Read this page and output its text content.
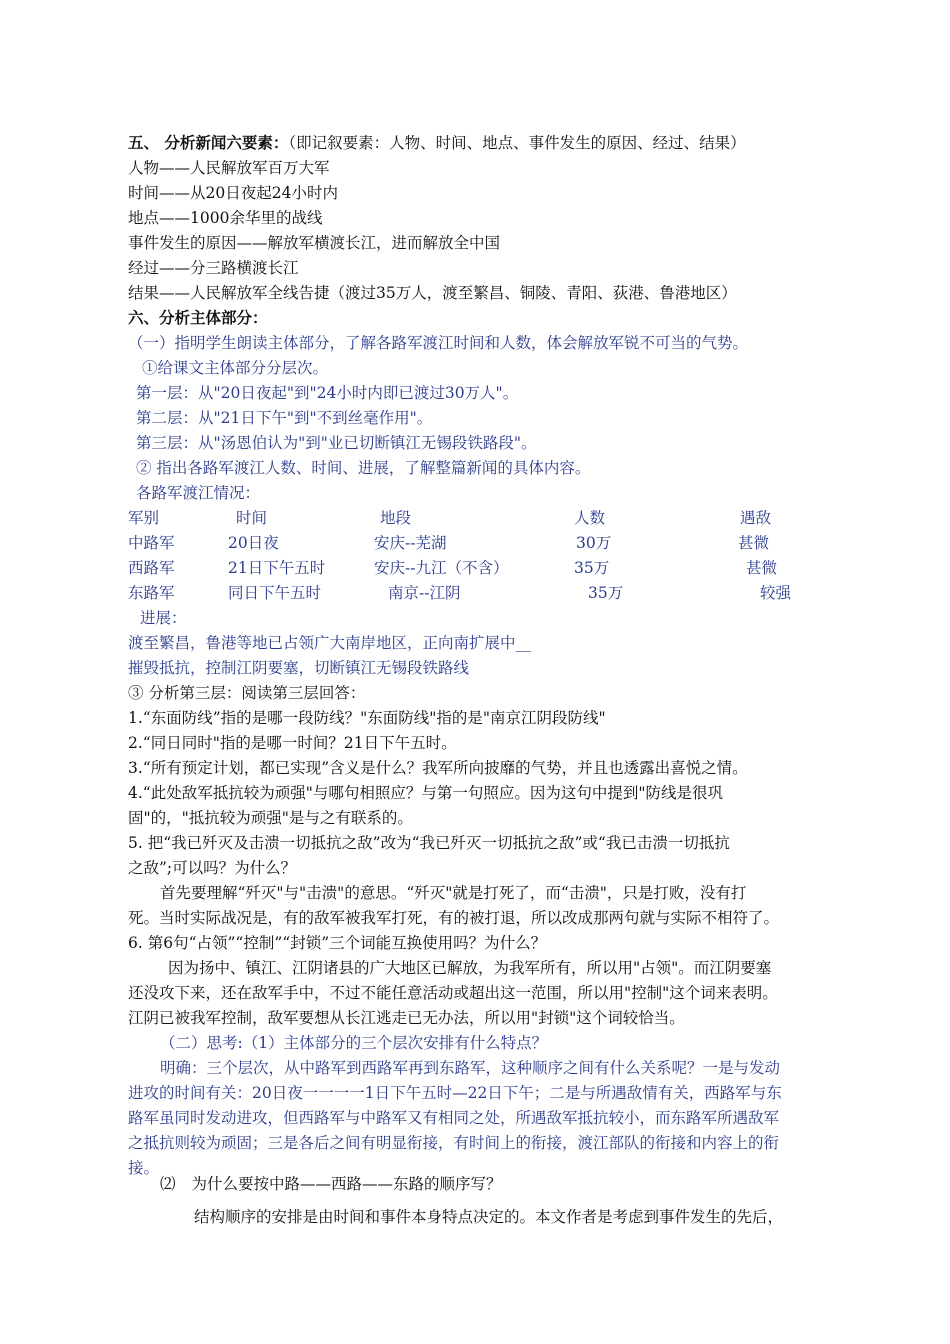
五、 分析新闻六要素：（即记叙要素：人物、时间、地点、事件发生的原因、经过、结果）
人物——人民解放军百万大军
时间——从20日夜起24小时内
地点——1000余华里的战线
事件发生的原因——解放军横渡长江，进而解放全中国
经过——分三路横渡长江
结果——人民解放军全线告捷（渡过35万人，渡至繁昌、铜陵、青阳、荻港、鲁港地区）
六、分析主体部分：
（一）指明学生朗读主体部分，了解各路军渡江时间和人数，体会解放军锐不可当的气势。
①给课文主体部分分层次。
第一层：从"20日夜起"到"24小时内即已渡过30万人"。
第二层：从"21日下午"到"不到丝毫作用"。
第三层：从"汤恩伯认为"到"业已切断镇江无锡段铁路段"。
② 指出各路军渡江人数、时间、进展，了解整篇新闻的具体内容。
各路军渡江情况：
军别	时间	地段	人数	遇敌
中路军	20日夜	安庆--芜湖	30万	甚微
西路军	21日下午五时	安庆--九江（不含）	35万	甚微
东路军	同日下午五时	南京--江阴	35万	较强
进展：
渡至繁昌，鲁港等地已占领广大南岸地区，正向南扩展中__
摧毁抵抗，控制江阴要塞，切断镇江无锡段铁路线
③ 分析第三层：阅读第三层回答：
1.“东面防线”指的是哪一段防线？"东面防线"指的是"南京江阴段防线"
2.“同日同时"指的是哪一时间？21日下午五时。
3.“所有预定计划，都已实现”含义是什么？我军所向披靡的气势，并且也透露出喜悦之情。
4.“此处敌军抵抗较为顽强"与哪句相照应？与第一句照应。因为这句中提到"防线是很巩
固"的，"抵抗较为顽强"是与之有联系的。
5. 把“我已歼灭及击溃一切抵抗之敌”改为“我已歼灭一切抵抗之敌”或“我已击溃一切抵抗
之敌”;可以吗？为什么？
首先要理解“歼灭"与"击溃"的意思。“歼灭"就是打死了，而“击溃"，只是打败，没有打
死。当时实际战况是，有的敌军被我军打死，有的被打退，所以改成那两句就与实际不相符了。
6. 第6句“占领”“控制”“封锁”三个词能互换使用吗？为什么？
因为扬中、镇江、江阴诸县的广大地区已解放，为我军所有，所以用"占领"。而江阴要塞
还没攻下来，还在敌军手中，不过不能任意活动或超出这一范围，所以用"控制"这个词来表明。
江阴已被我军控制，敌军要想从长江逃走已无办法，所以用"封锁"这个词较恰当。
（二）思考:（1）主体部分的三个层次安排有什么特点？
明确：三个层次，从中路军到西路军再到东路军，这种顺序之间有什么关系呢？一是与发动
进攻的时间有关：20日夜一一一一1日下午五时—22日下午；二是与所遇敌情有关，西路军与东
路军虽同时发动进攻，但西路军与中路军又有相同之处，所遇敌军抵抗较小，而东路军所遇敌军
之抵抗则较为顽固；三是各后之间有明显衔接，有时间上的衔接，渡江部队的衔接和内容上的衔
接。
⑵ 为什么要按中路——西路——东路的顺序写？
结构顺序的安排是由时间和事件本身特点决定的。本文作者是考虑到事件发生的先后，
